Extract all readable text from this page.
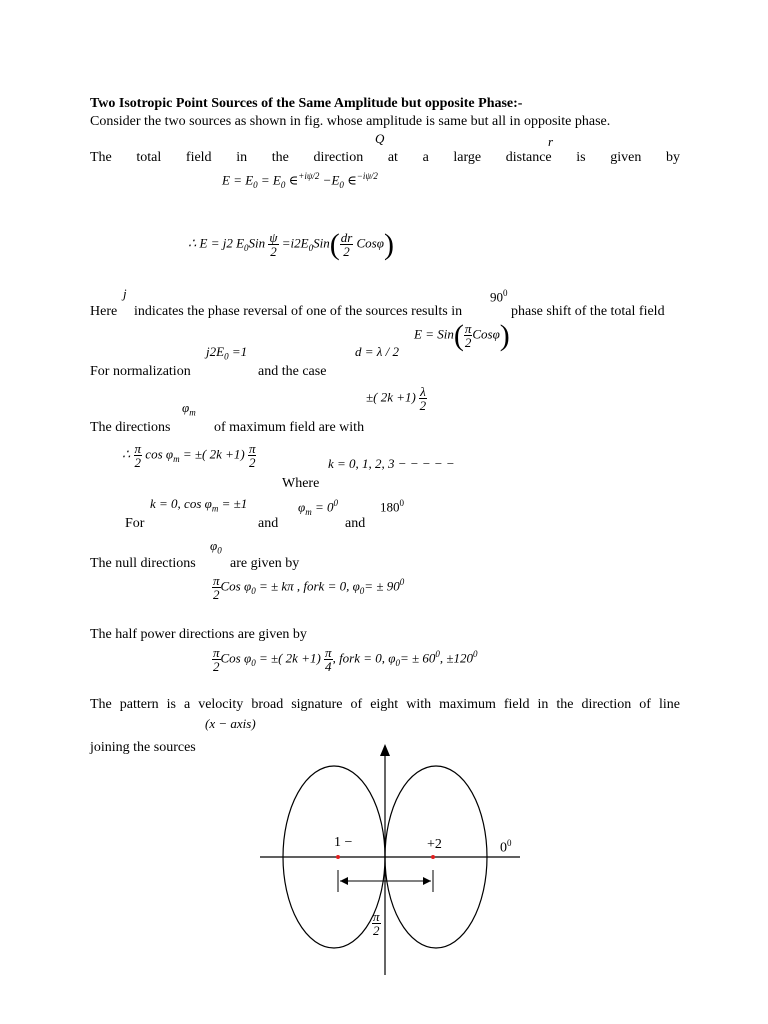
Two Isotropic Point Sources of the Same Amplitude but opposite Phase:-
Consider the two sources as shown in fig. whose amplitude is same but all in opposite phase.
Q	r
The total field in the direction at a large distance is given by
$E = E_0 = E_0$ ∈$^{+i\psi/2}$ $-E_0$ ∈$^{-i\psi/2}$
∴ E = j2 $E_0Sin \frac{\psi}{2} =i2E_0Sin( \frac{dr}{2} Cos\varphi)$
j	$90^0$
Here indicates the phase reversal of one of the sources results in	phase shift of the total field
$E = Sin( \frac{\pi}{2} Cos\varphi)$
$j2E_0 =1$	d = λ / 2
For normalization	and the case
±( $2k +1) \frac{\lambda}{2}$
$\varphi_m$
The directions	of maximum field are with
∴ $\frac{\pi}{2}$ $\cos \varphi_m$ = ±( $2k +1) \frac{\pi}{2}$	k = 0, 1, 2, 3 − − − − −
Where
k = 0, $\cos \varphi_m = \pm 1$	$\varphi_m = 0^0$	$180^0$
For	and	and
$\varphi_0$
The null directions are given by
$\frac{\pi}{2}$ Cos $\varphi_0$ = ± kπ , fork = 0, $\varphi_0= \pm 90^0$
The half power directions are given by
$\frac{\pi}{2}$ Cos $\varphi_0$ = ±( $2k +1) \frac{\pi}{4}$ , fork = 0, $\varphi_0= \pm 60^0$, $\pm 120^0$
The pattern is a velocity broad signature of eight with maximum field in the direction of line
(x − axis)
joining the sources
1 −	+2	$0^0$
$\frac{\pi}{2}$
